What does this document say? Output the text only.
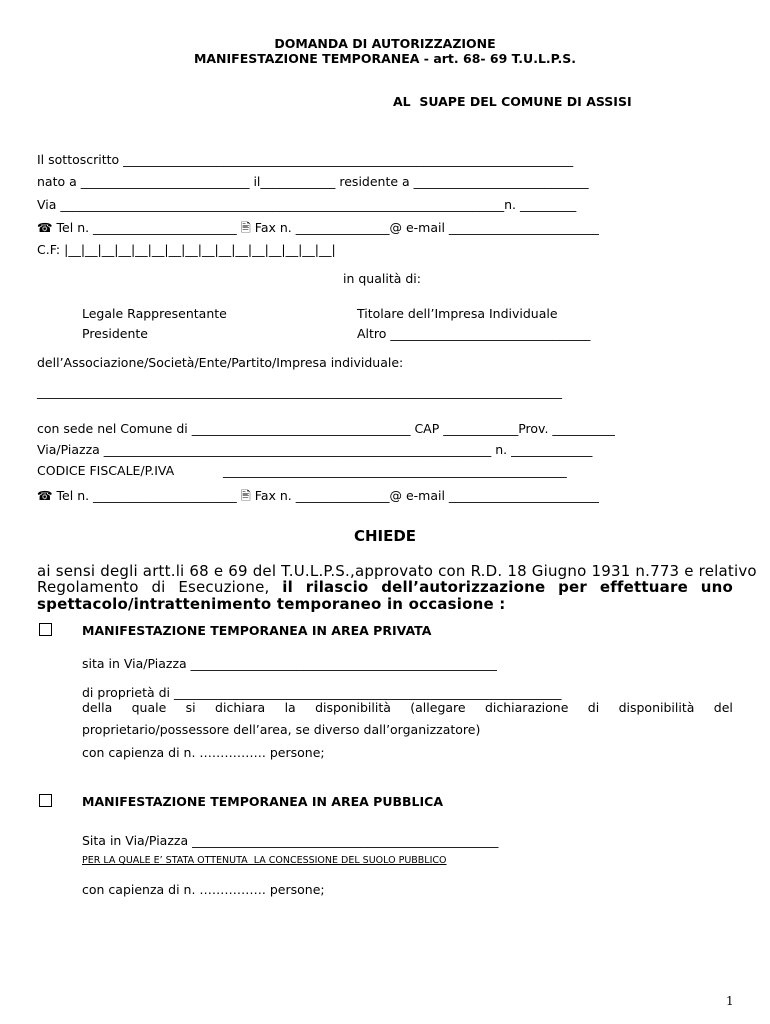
DOMANDA DI AUTORIZZAZIONE
MANIFESTAZIONE TEMPORANEA - art. 68- 69 T.U.L.P.S.
AL  SUAPE DEL COMUNE DI ASSISI
Il sottoscritto ________________________________________________________________________
nato a ___________________________ il____________ residente a ____________________________
Via _______________________________________________________________________n. _________
☎ Tel n. _______________________ 🖹 Fax n. _______________@ e-mail ________________________
C.F: |__|__|__|__|__|__|__|__|__|__|__|__|__|__|__|__|
in qualità di:
Legale Rappresentante
Presidente
Titolare dell’Impresa Individuale
Altro ________________________________
dell’Associazione/Società/Ente/Partito/Impresa individuale:
____________________________________________________________________________________
con sede nel Comune di ___________________________________ CAP ____________Prov. __________
Via/Piazza ______________________________________________________________ n. _____________
CODICE FISCALE/P.IVA	_______________________________________________________
☎ Tel n. _______________________ 🖹 Fax n. _______________@ e-mail ________________________
CHIEDE
ai sensi degli artt.li 68 e 69 del T.U.L.P.S.,approvato con R.D. 18 Giugno 1931 n.773 e relativo
Regolamento di Esecuzione, il rilascio dell’autorizzazione per effettuare uno
spettacolo/intrattenimento temporaneo in occasione :
MANIFESTAZIONE TEMPORANEA IN AREA PRIVATA
sita in Via/Piazza _________________________________________________
di proprietà di ______________________________________________________________
della quale si dichiara la disponibilità (allegare dichiarazione di disponibilità del
proprietario/possessore dell’area, se diverso dall’organizzatore)
con capienza di n. ……………. persone;
MANIFESTAZIONE TEMPORANEA IN AREA PUBBLICA
Sita in Via/Piazza _________________________________________________
PER LA QUALE E’ STATA OTTENUTA  LA CONCESSIONE DEL SUOLO PUBBLICO
con capienza di n. ……………. persone;
1
